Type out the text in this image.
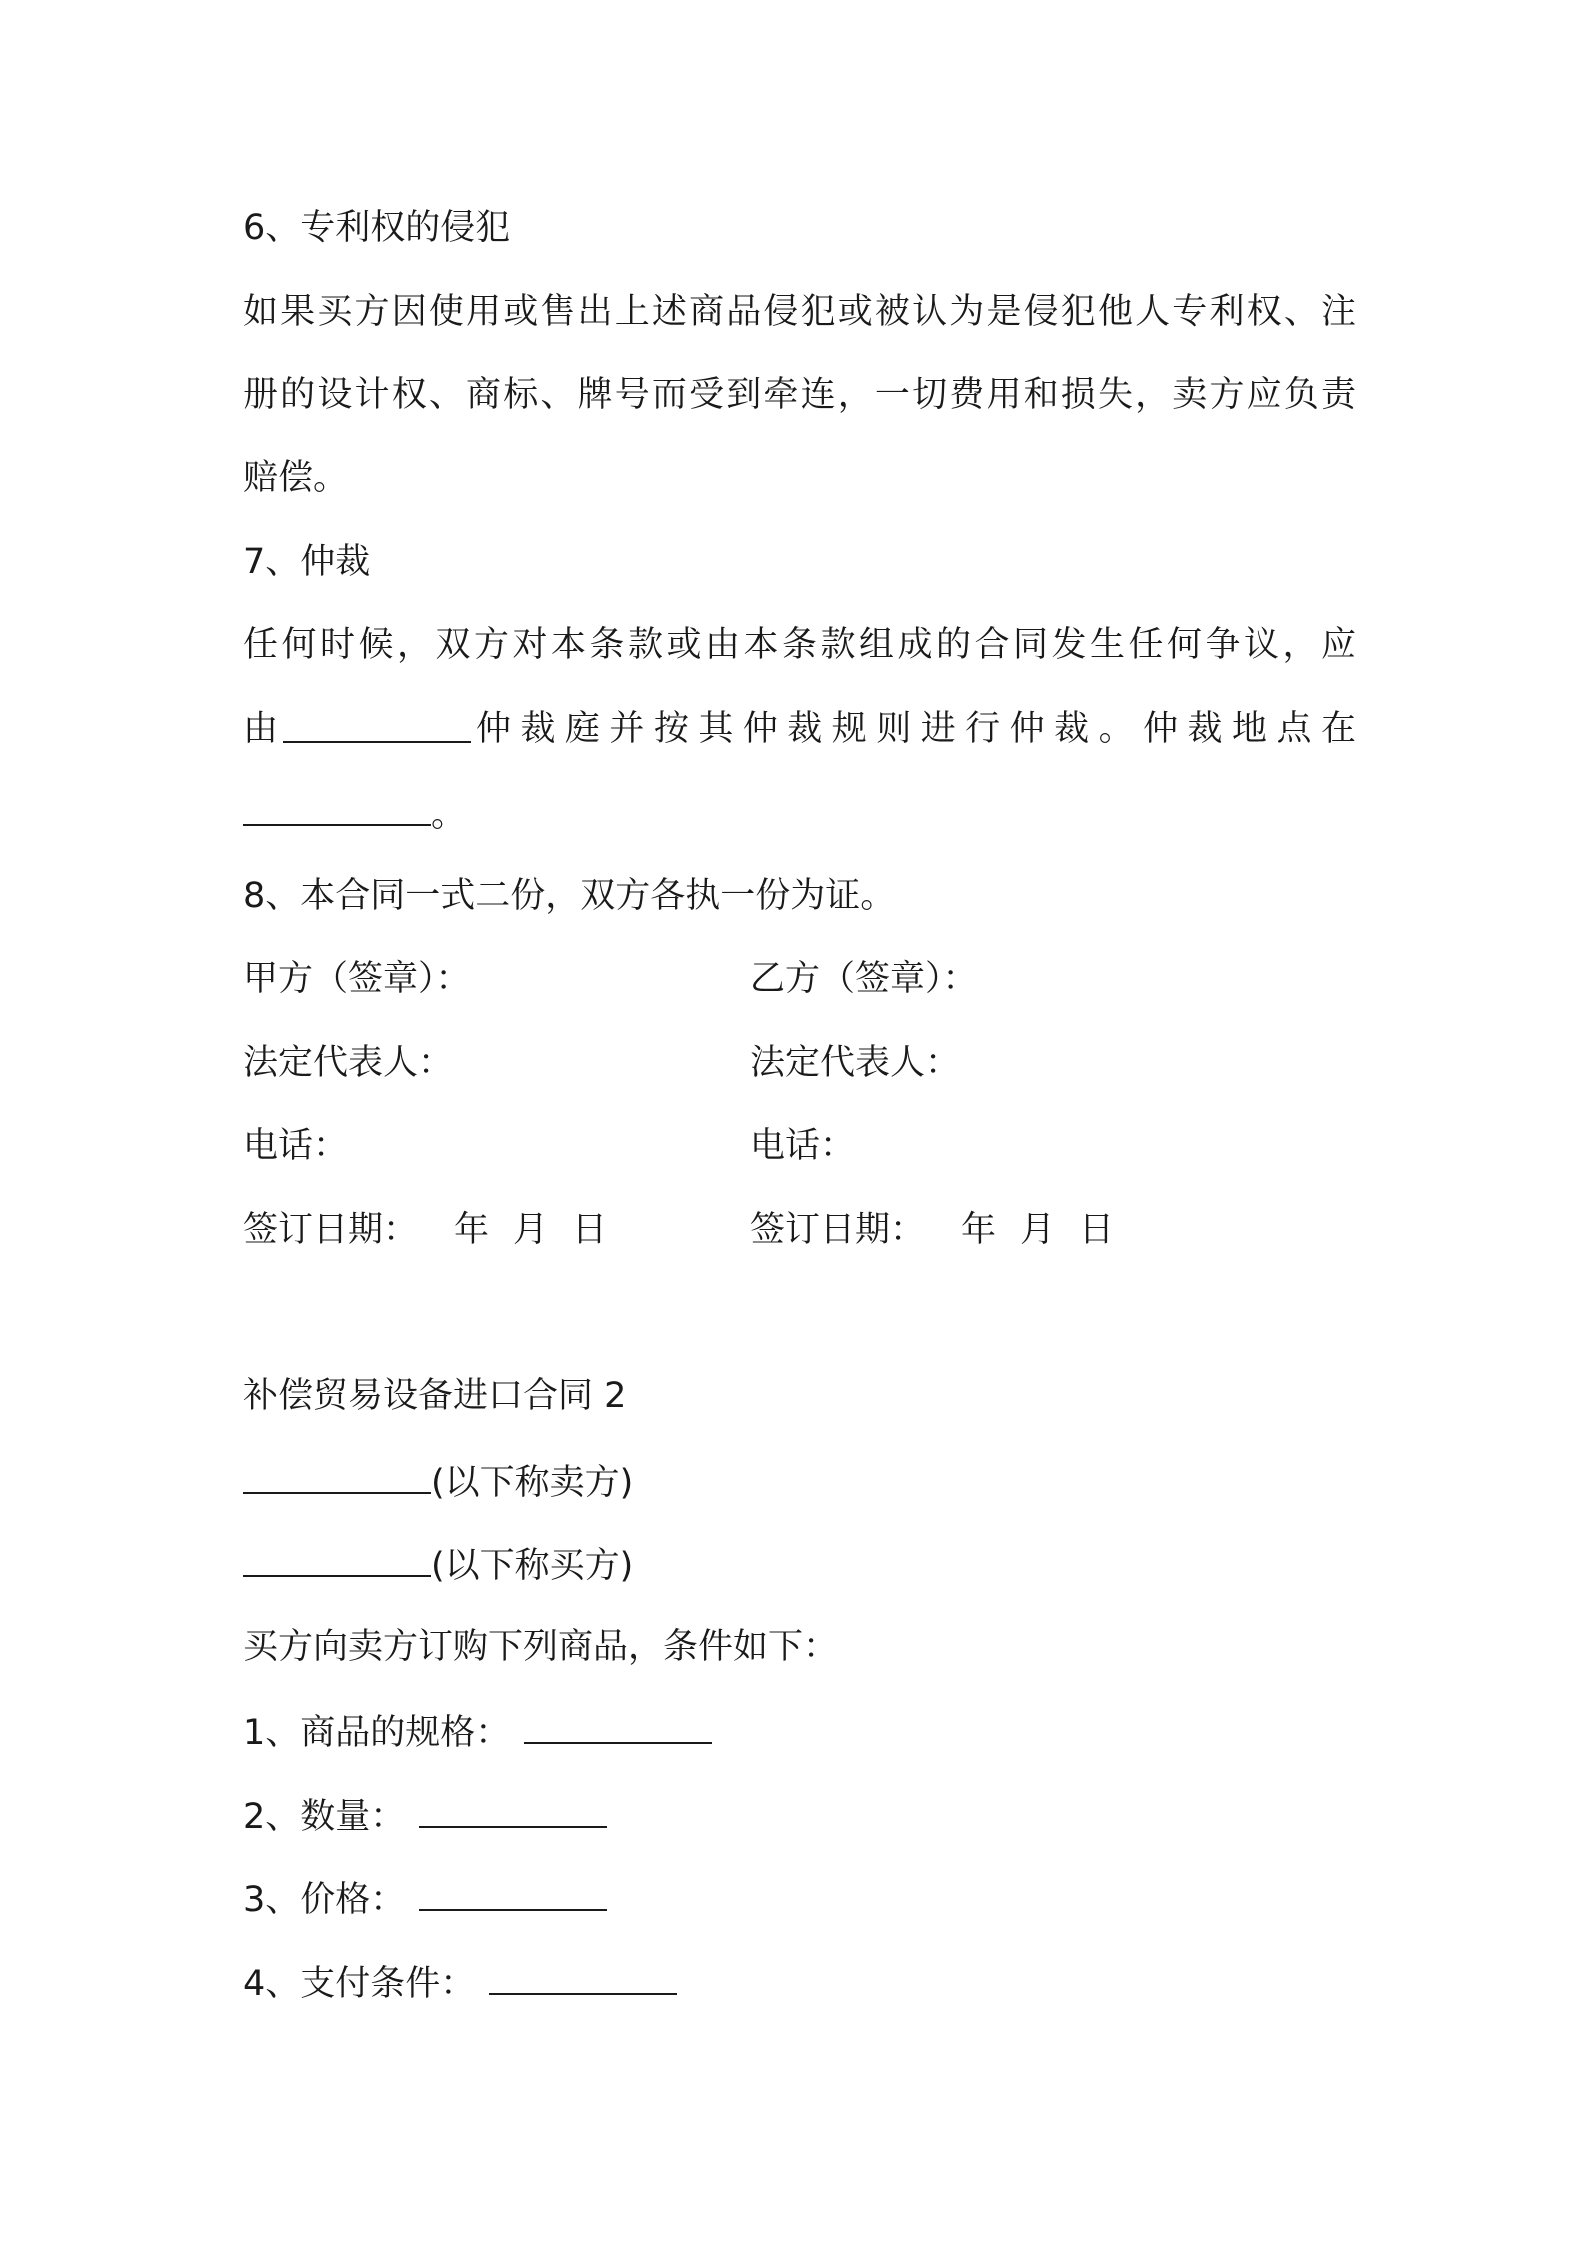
6、专利权的侵犯
如果买方因使用或售出上述商品侵犯或被认为是侵犯他人专利权、注
册的设计权、商标、牌号而受到牵连，一切费用和损失，卖方应负责
赔偿。
7、仲裁
任何时候，双方对本条款或由本条款组成的合同发生任何争议，应
由	仲裁庭并按其仲裁规则进行仲裁。仲裁地点在
。
8、本合同一式二份，双方各执一份为证。
甲方（签章）：
法定代表人：
电话：
签订日期： 年 月 日
乙方（签章）：
法定代表人：
电话：
签订日期： 年 月 日
补偿贸易设备进口合同 2
(以下称卖方)
(以下称买方)
买方向卖方订购下列商品，条件如下：
1、商品的规格：
2、数量：
3、价格：
4、支付条件：
